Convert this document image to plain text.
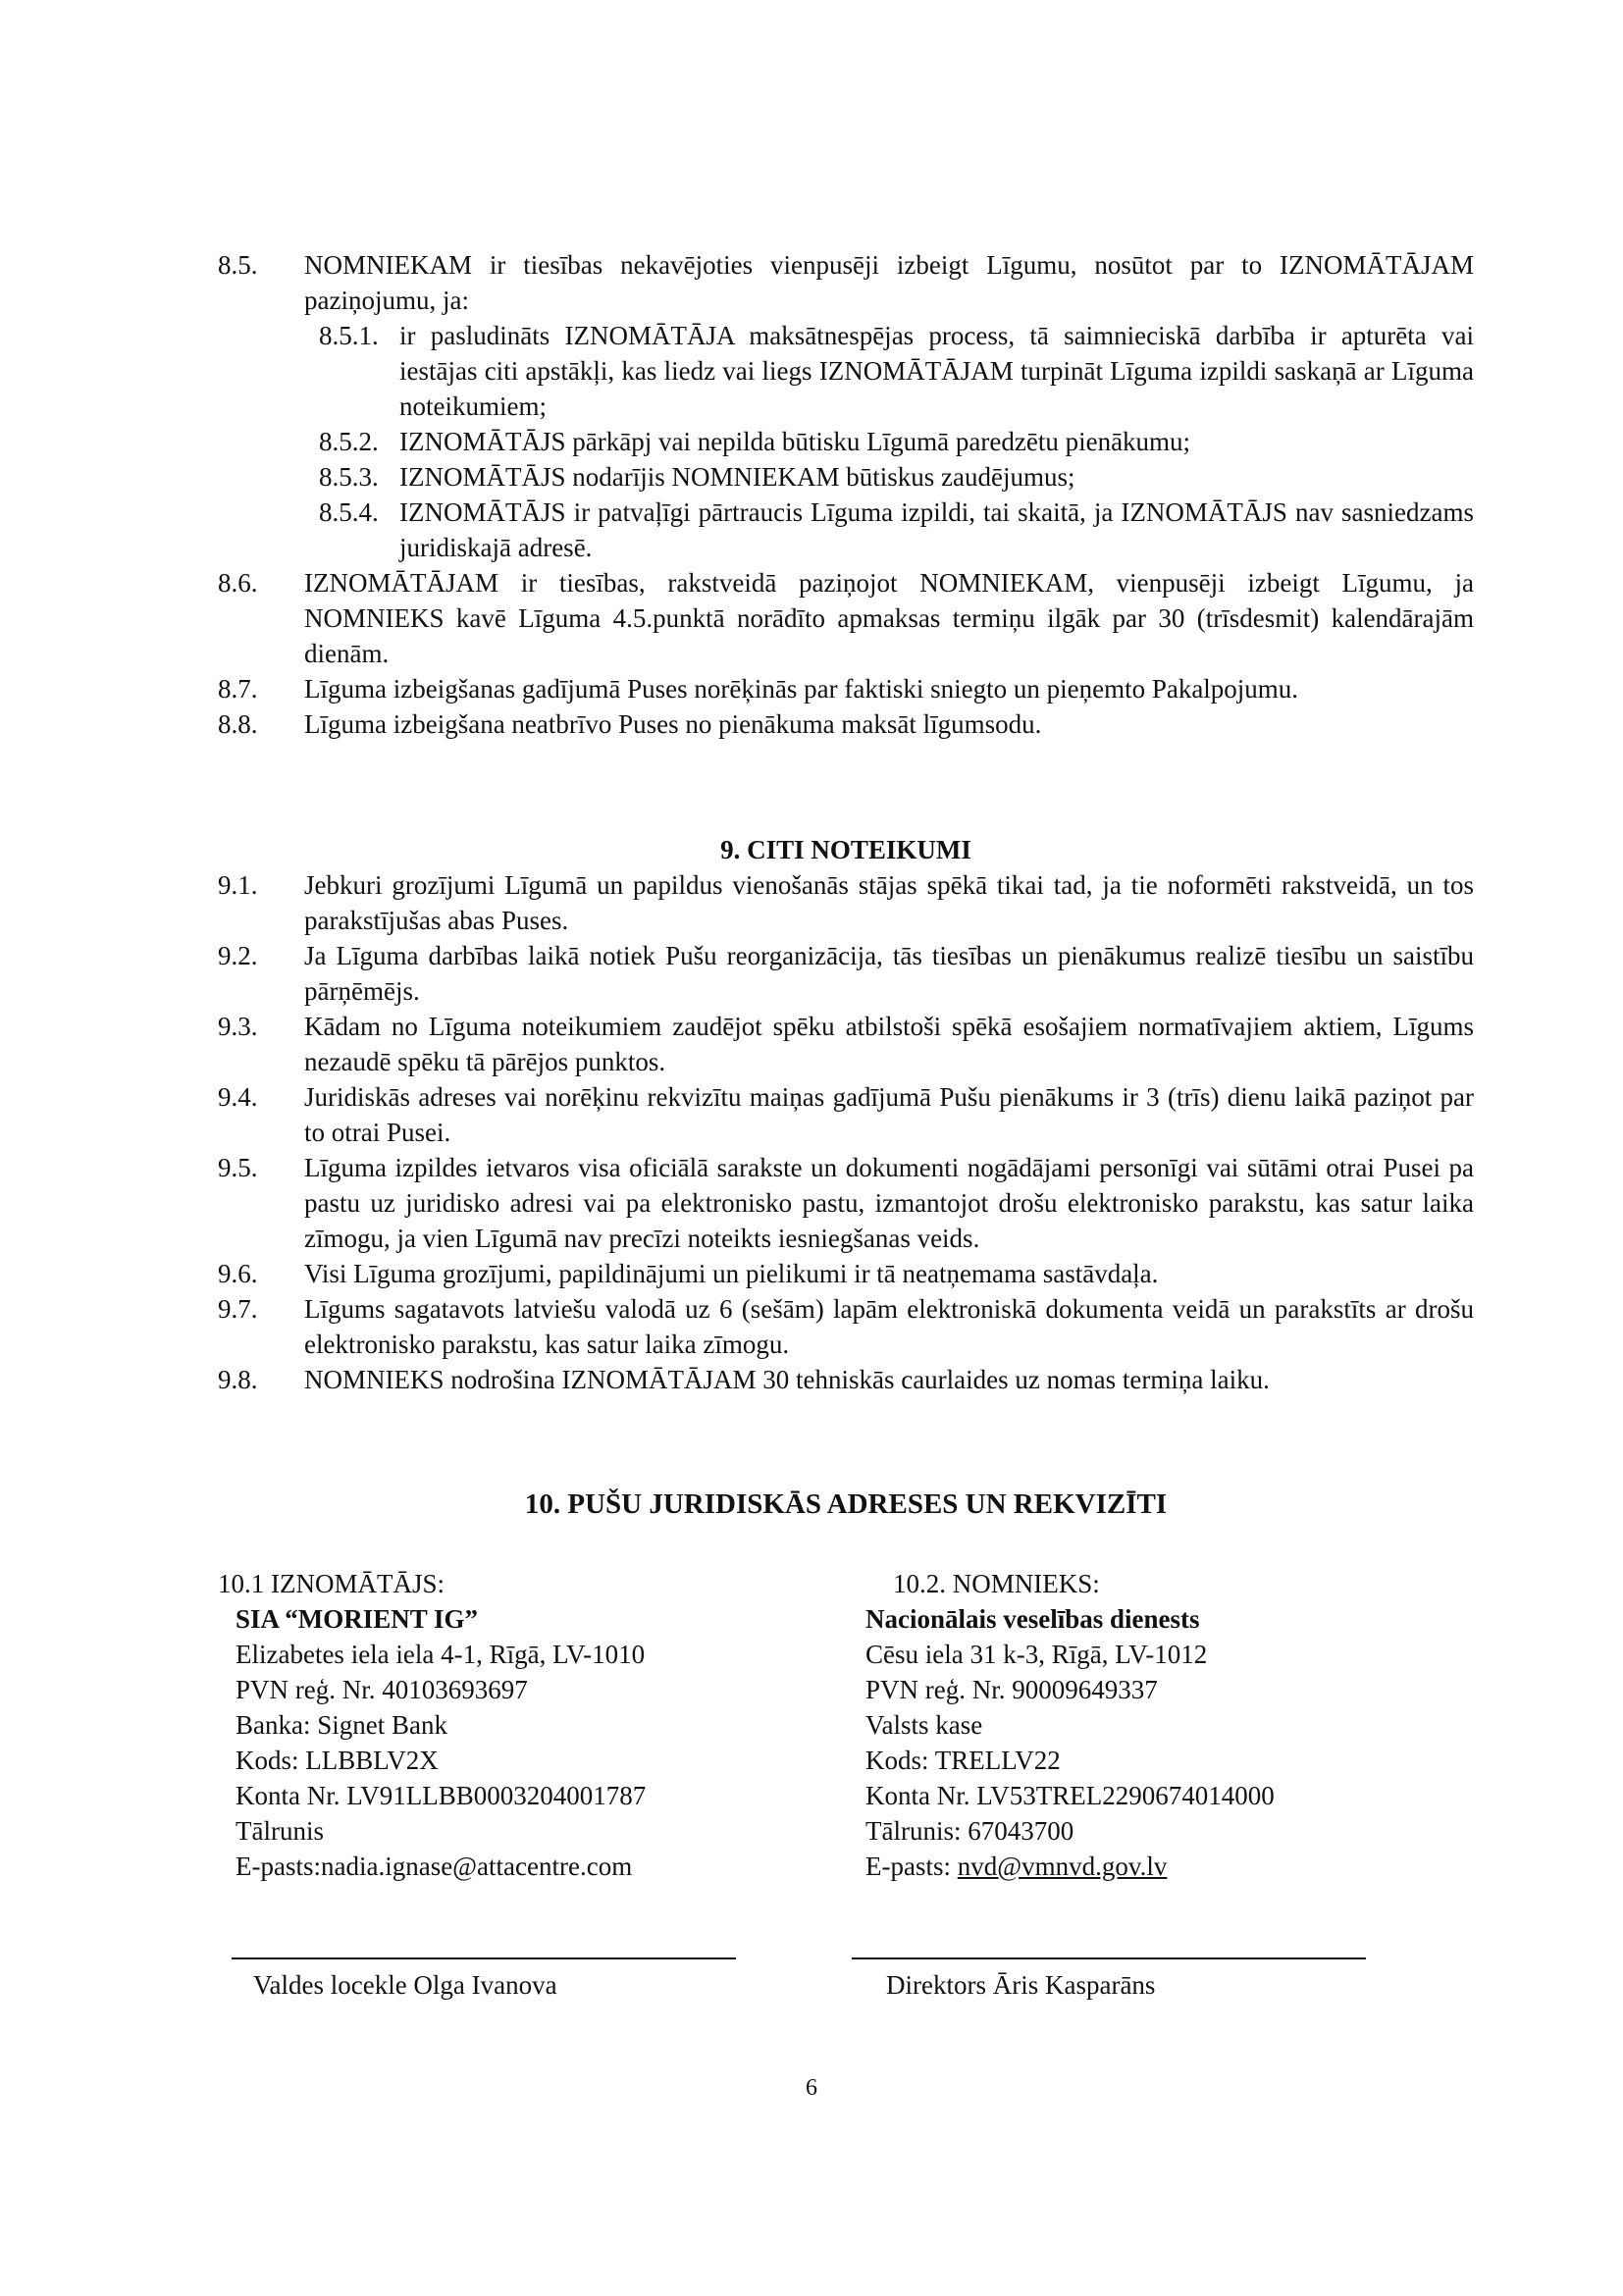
8.5.	NOMNIEKAM ir tiesības nekavējoties vienpusēji izbeigt Līgumu, nosūtot par to IZNOMĀTĀJAM paziņojumu, ja:
8.5.1. ir pasludināts IZNOMĀTĀJA maksātnespējas process, tā saimnieciskā darbība ir apturēta vai iestājas citi apstākļi, kas liedz vai liegs IZNOMĀTĀJAM turpināt Līguma izpildi saskaņā ar Līguma noteikumiem;
8.5.2. IZNOMĀTĀJS pārkāpj vai nepilda būtisku Līgumā paredzētu pienākumu;
8.5.3. IZNOMĀTĀJS nodarījis NOMNIEKAM būtiskus zaudējumus;
8.5.4. IZNOMĀTĀJS ir patvaļīgi pārtraucis Līguma izpildi, tai skaitā, ja IZNOMĀTĀJS nav sasniedzams juridiskajā adresē.
8.6.	IZNOMĀTĀJAM ir tiesības, rakstveidā paziņojot NOMNIEKAM, vienpusēji izbeigt Līgumu, ja NOMNIEKS kavē Līguma 4.5.punktā norādīto apmaksas termiņu ilgāk par 30 (trīsdesmit) kalendārajām dienām.
8.7.	Līguma izbeigšanas gadījumā Puses norēķinās par faktiski sniegto un pieņemto Pakalpojumu.
8.8.	Līguma izbeigšana neatbrīvo Puses no pienākuma maksāt līgumsodu.
9. CITI NOTEIKUMI
9.1.	Jebkuri grozījumi Līgumā un papildus vienošanās stājas spēkā tikai tad, ja tie noformēti rakstveidā, un tos parakstījušas abas Puses.
9.2.	Ja Līguma darbības laikā notiek Pušu reorganizācija, tās tiesības un pienākumus realizē tiesību un saistību pārņēmējs.
9.3.	Kādam no Līguma noteikumiem zaudējot spēku atbilstoši spēkā esošajiem normatīvajiem aktiem, Līgums nezaudē spēku tā pārējos punktos.
9.4.	Juridiskās adreses vai norēķinu rekvizītu maiņas gadījumā Pušu pienākums ir 3 (trīs) dienu laikā paziņot par to otrai Pusei.
9.5.	Līguma izpildes ietvaros visa oficiālā sarakste un dokumenti nogādājami personīgi vai sūtāmi otrai Pusei pa pastu uz juridisko adresi vai pa elektronisko pastu, izmantojot drošu elektronisko parakstu, kas satur laika zīmogu, ja vien Līgumā nav precīzi noteikts iesniegšanas veids.
9.6.	Visi Līguma grozījumi, papildinājumi un pielikumi ir tā neatņemama sastāvdaļa.
9.7.	Līgums sagatavots latviešu valodā uz 6 (sešām) lapām elektroniskā dokumenta veidā un parakstīts ar drošu elektronisko parakstu, kas satur laika zīmogu.
9.8.	NOMNIEKS nodrošina IZNOMĀTĀJAM 30 tehniskās caurlaides uz nomas termiņa laiku.
10. PUŠU JURIDISKĀS ADRESES UN REKVIZĪTI
10.1 IZNOMĀTĀJS:
SIA “MORIENT IG”
Elizabetes iela iela 4-1, Rīgā, LV-1010
PVN reģ. Nr. 40103693697
Banka: Signet Bank
Kods: LLBBLV2X
Konta Nr. LV91LLBB0003204001787
Tālrunis
E-pasts:nadia.ignase@attacentre.com
10.2. NOMNIEKS:
Nacionālais veselības dienests
Cēsu iela 31 k-3, Rīgā, LV-1012
PVN reģ. Nr. 90009649337
Valsts kase
Kods: TRELLV22
Konta Nr. LV53TREL2290674014000
Tālrunis: 67043700
E-pasts: nvd@vmnvd.gov.lv
Valdes locekle Olga Ivanova	Direktors Āris Kasparāns
6
